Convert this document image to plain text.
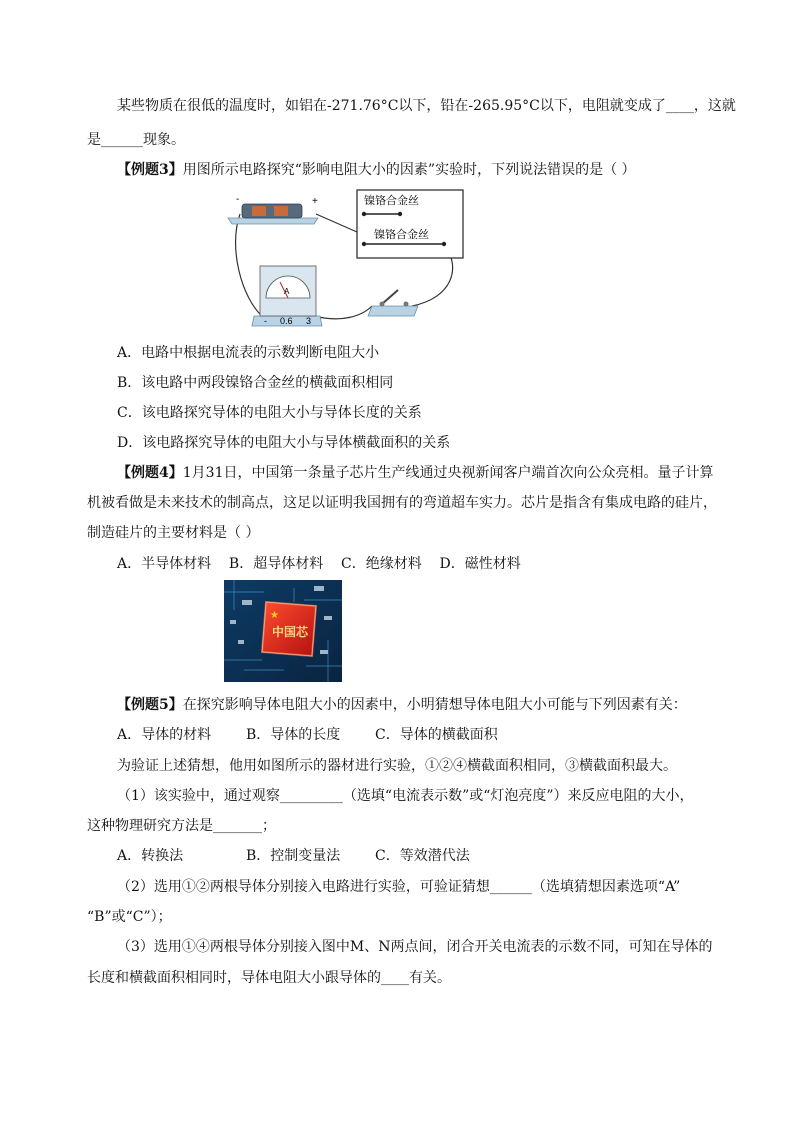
某些物质在很低的温度时，如铝在-271.76°C以下，铅在-265.95°C以下，电阻就变成了____，这就
是______现象。
【例题3】用图所示电路探究“影响电阻大小的因素”实验时，下列说法错误的是（ ）
-	+	镍铬合金丝
镍铬合金丝
A
- 0.6 3
A．电路中根据电流表的示数判断电阻大小
B．该电路中两段镍铬合金丝的横截面积相同
C．该电路探究导体的电阻大小与导体长度的关系
D．该电路探究导体的电阻大小与导体横截面积的关系
【例题4】1月31日，中国第一条量子芯片生产线通过央视新闻客户端首次向公众亮相。量子计算
机被看做是未来技术的制高点，这足以证明我国拥有的弯道超车实力。芯片是指含有集成电路的硅片，
制造硅片的主要材料是（ ）
A．半导体材料    B．超导体材料    C．绝缘材料    D．磁性材料
★
中国芯
【例题5】在探究影响导体电阻大小的因素中，小明猜想导体电阻大小可能与下列因素有关：
A．导体的材料 B．导体的长度 C．导体的横截面积
为验证上述猜想，他用如图所示的器材进行实验，①②④横截面积相同，③横截面积最大。
（1）该实验中，通过观察_________（选填“电流表示数”或“灯泡亮度”）来反应电阻的大小，
这种物理研究方法是_______；
A．转换法	B．控制变量法 C．等效潜代法
（2）选用①②两根导体分别接入电路进行实验，可验证猜想______（选填猜想因素选项“A”
“B”或“C”）；
（3）选用①④两根导体分别接入图中M、N两点间，闭合开关电流表的示数不同，可知在导体的
长度和横截面积相同时，导体电阻大小跟导体的____有关。
